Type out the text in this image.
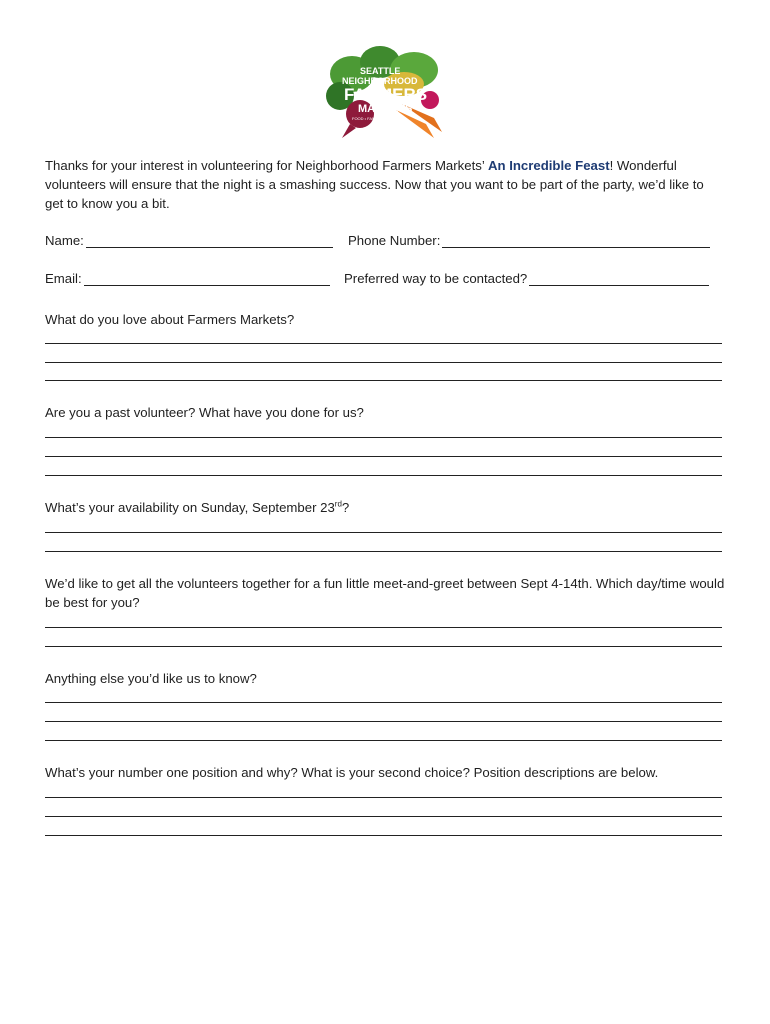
SEATTLE
NEIGHBORHOOD
FARMERS
MARKETS
FOOD • FAMILIES • FARMS

Thanks for your interest in volunteering for Neighborhood Farmers Markets’ An Incredible Feast! Wonderful volunteers will ensure that the night is a smashing success. Now that you want to be part of the party, we’d like to get to know you a bit.

Name:	Phone Number:
Email:	Preferred way to be contacted?
What do you love about Farmers Markets?
Are you a past volunteer? What have you done for us?
What’s your availability on Sunday, September 23rd?
We’d like to get all the volunteers together for a fun little meet-and-greet between Sept 4-14th. Which day/time would be best for you?
Anything else you’d like us to know?
What’s your number one position and why? What is your second choice? Position descriptions are below.
